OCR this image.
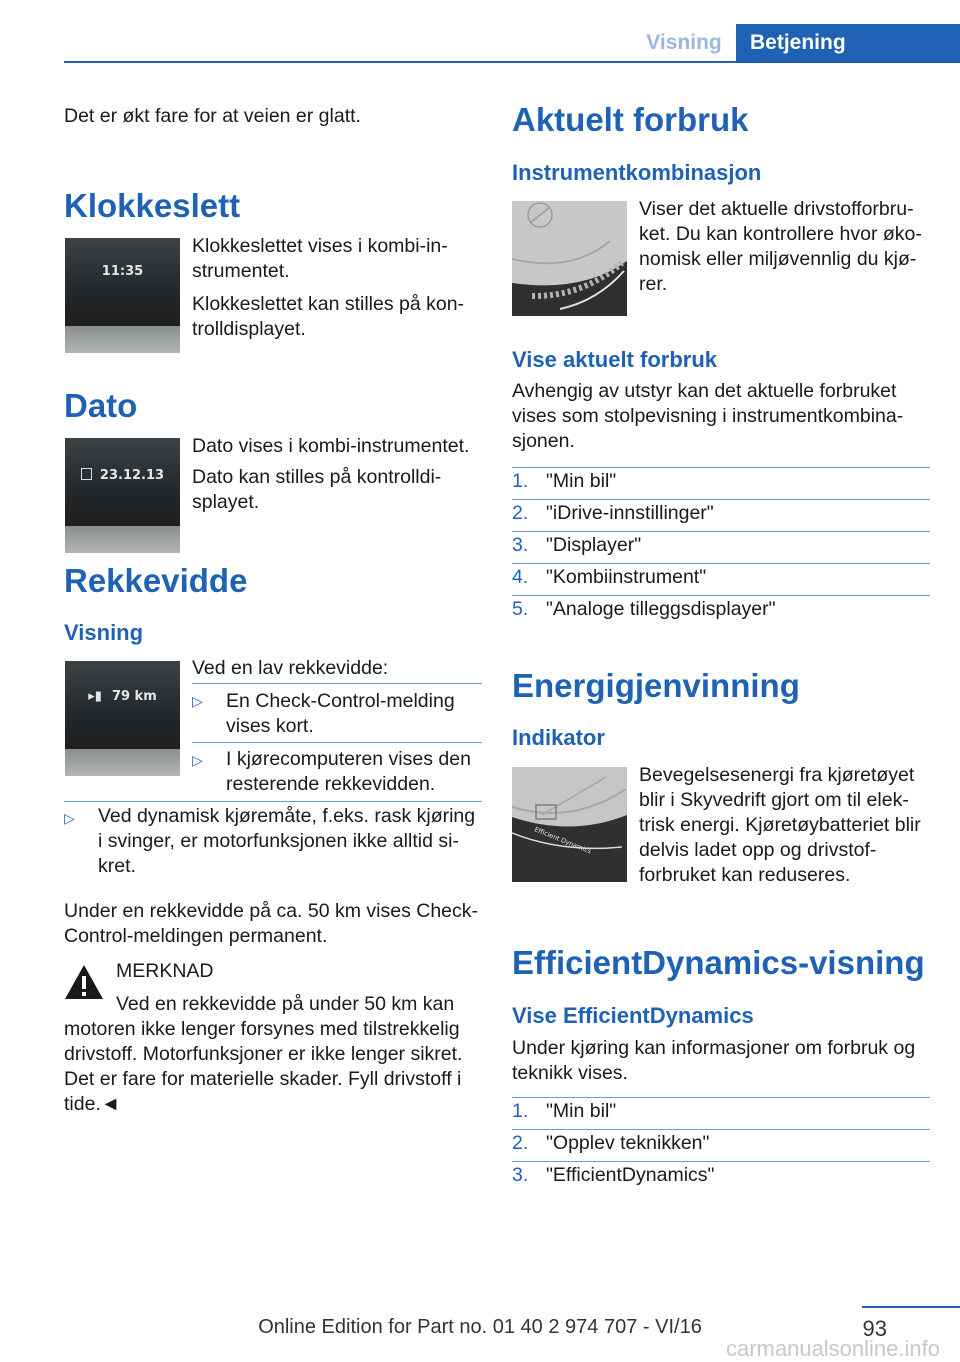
Visning	Betjening

Det er økt fare for at veien er glatt.

Klokkeslett
11:35

Klokkeslettet vises i kombi-in-strumentet.

Klokkeslettet kan stilles på kon-trolldisplayet.

Dato
23.12.13

Dato vises i kombi-instrumentet.

Dato kan stilles på kontrolldi-splayet.

Rekkevidde
Visning
▸▮ 79 km

Ved en lav rekkevidde:

▷ En Check-Control-melding vises kort.

▷ I kjørecomputeren vises den resterende rekkevidden.

▷ Ved dynamisk kjøremåte, f.eks. rask kjøring i svinger, er motorfunksjonen ikke alltid si-kret.

Under en rekkevidde på ca. 50 km vises Check-Control-meldingen permanent.

MERKNAD

Ved en rekkevidde på under 50 km kan

motoren ikke lenger forsynes med tilstrekkelig drivstoff. Motorfunksjoner er ikke lenger sikret. Det er fare for materielle skader. Fyll drivstoff i tide.◄

Aktuelt forbruk
Instrumentkombinasjon

Viser det aktuelle drivstofforbru-ket. Du kan kontrollere hvor øko-nomisk eller miljøvennlig du kjø-rer.

Vise aktuelt forbruk

Avhengig av utstyr kan det aktuelle forbruket vises som stolpevisning i instrumentkombina-sjonen.

1. "Min bil"
2. "iDrive-innstillinger"
3. "Displayer"
4. "Kombiinstrument"
5. "Analoge tilleggsdisplayer"
Energigjenvinning
Indikator
Efficient Dynamics

Bevegelsesenergi fra kjøretøyet blir i Skyvedrift gjort om til elek-trisk energi. Kjøretøybatteriet blir delvis ladet opp og drivstof-forbruket kan reduseres.

EfficientDynamics-visning
Vise EfficientDynamics

Under kjøring kan informasjoner om forbruk og teknikk vises.

1. "Min bil"
2. "Opplev teknikken"
3. "EfficientDynamics"
93
Online Edition for Part no. 01 40 2 974 707 - VI/16
carmanualsonline.info
